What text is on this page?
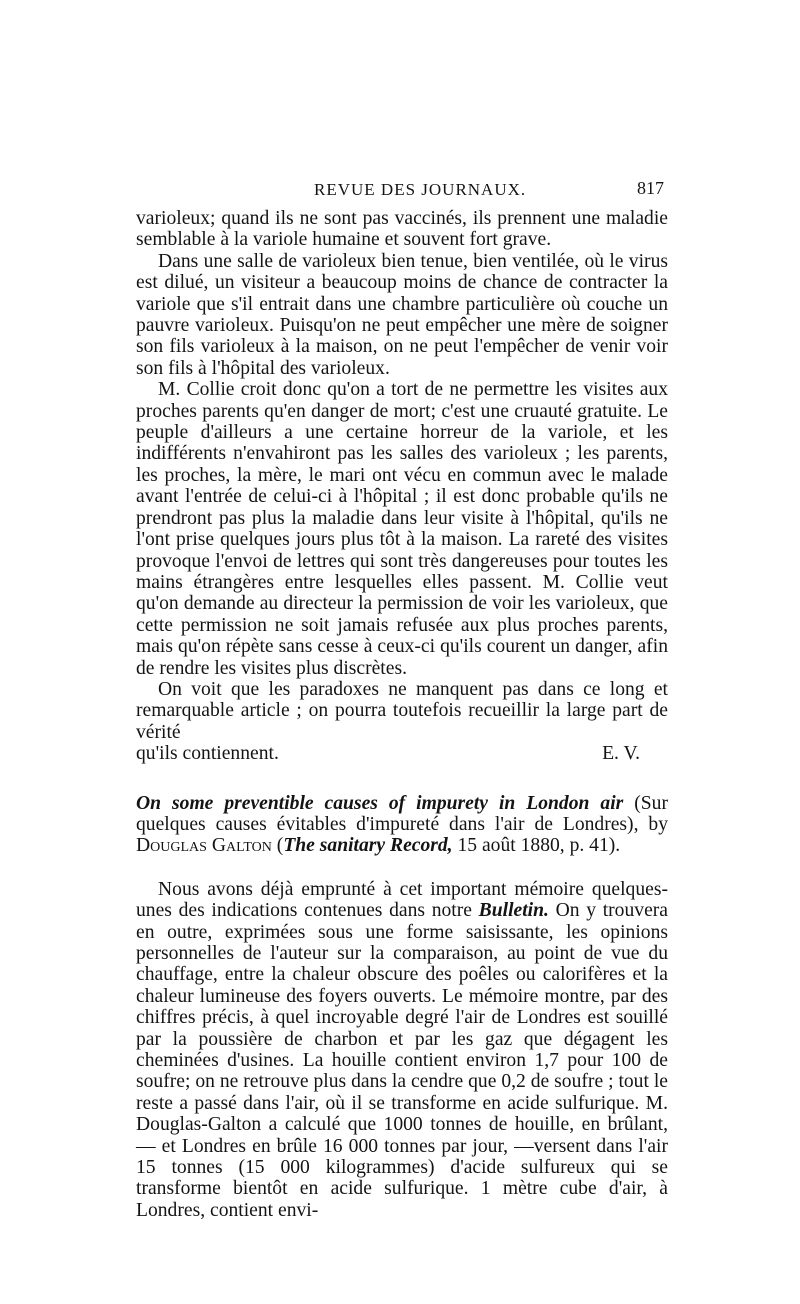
REVUE DES JOURNAUX.	817

varioleux; quand ils ne sont pas vaccinés, ils prennent une maladie semblable à la variole humaine et souvent fort grave.

Dans une salle de varioleux bien tenue, bien ventilée, où le virus est dilué, un visiteur a beaucoup moins de chance de contracter la variole que s'il entrait dans une chambre particulière où couche un pauvre varioleux. Puisqu'on ne peut empêcher une mère de soigner son fils varioleux à la maison, on ne peut l'empêcher de venir voir son fils à l'hôpital des varioleux.

M. Collie croit donc qu'on a tort de ne permettre les visites aux proches parents qu'en danger de mort; c'est une cruauté gratuite. Le peuple d'ailleurs a une certaine horreur de la variole, et les indifférents n'envahiront pas les salles des varioleux ; les parents, les proches, la mère, le mari ont vécu en commun avec le malade avant l'entrée de celui-ci à l'hôpital ; il est donc probable qu'ils ne prendront pas plus la maladie dans leur visite à l'hôpital, qu'ils ne l'ont prise quelques jours plus tôt à la maison. La rareté des visites provoque l'envoi de lettres qui sont très dangereuses pour toutes les mains étrangères entre lesquelles elles passent. M. Collie veut qu'on demande au directeur la permission de voir les varioleux, que cette permission ne soit jamais refusée aux plus proches parents, mais qu'on répète sans cesse à ceux-ci qu'ils courent un danger, afin de rendre les visites plus discrètes.

On voit que les paradoxes ne manquent pas dans ce long et remarquable article ; on pourra toutefois recueillir la large part de vérité

qu'ils contiennent.	E. V.

On some preventible causes of impurety in London air (Sur quelques causes évitables d'impureté dans l'air de Londres), by Douglas Galton (The sanitary Record, 15 août 1880, p. 41).

Nous avons déjà emprunté à cet important mémoire quelques-unes des indications contenues dans notre Bulletin. On y trouvera en outre, exprimées sous une forme saisissante, les opinions personnelles de l'auteur sur la comparaison, au point de vue du chauffage, entre la chaleur obscure des poêles ou calorifères et la chaleur lumineuse des foyers ouverts. Le mémoire montre, par des chiffres précis, à quel incroyable degré l'air de Londres est souillé par la poussière de charbon et par les gaz que dégagent les cheminées d'usines. La houille contient environ 1,7 pour 100 de soufre; on ne retrouve plus dans la cendre que 0,2 de soufre ; tout le reste a passé dans l'air, où il se transforme en acide sulfurique. M. Douglas-Galton a calculé que 1000 tonnes de houille, en brûlant, — et Londres en brûle 16 000 tonnes par jour, —versent dans l'air 15 tonnes (15 000 kilogrammes) d'acide sulfureux qui se transforme bientôt en acide sulfurique. 1 mètre cube d'air, à Londres, contient envi-
